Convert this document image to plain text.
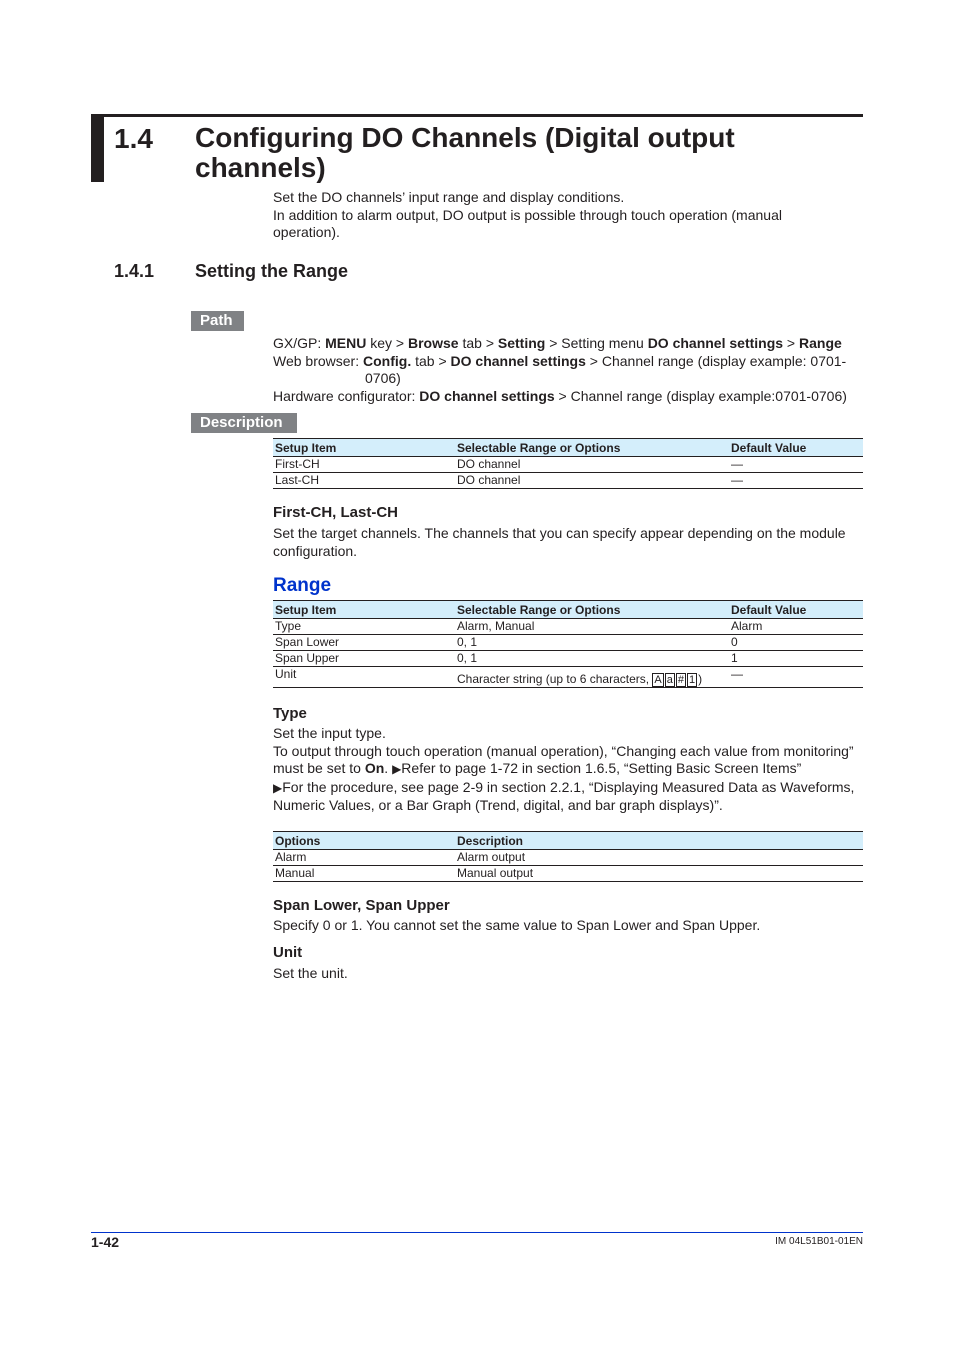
1.4 Configuring DO Channels (Digital output channels)
Set the DO channels’ input range and display conditions.
In addition to alarm output, DO output is possible through touch operation (manual operation).
1.4.1 Setting the Range
Path
GX/GP: MENU key > Browse tab > Setting > Setting menu DO channel settings > Range
Web browser: Config. tab > DO channel settings > Channel range (display example: 0701-0706)
Hardware configurator: DO channel settings > Channel range (display example:0701-0706)
Description
Setup Item	Selectable Range or Options	Default Value
First-CH	DO channel	—
Last-CH	DO channel	—
First-CH, Last-CH
Set the target channels. The channels that you can specify appear depending on the module configuration.
Range
Setup Item	Selectable Range or Options	Default Value
Type	Alarm, Manual	Alarm
Span Lower	0, 1	0
Span Upper	0, 1	1
Unit	Character string (up to 6 characters, A a # 1 )	—
Type
Set the input type.
To output through touch operation (manual operation), “Changing each value from monitoring” must be set to On. ▶Refer to page 1-72 in section 1.6.5, “Setting Basic Screen Items”
▶For the procedure, see page 2-9 in section 2.2.1, “Displaying Measured Data as Waveforms, Numeric Values, or a Bar Graph (Trend, digital, and bar graph displays)”.
Options	Description
Alarm	Alarm output
Manual	Manual output
Span Lower, Span Upper
Specify 0 or 1. You cannot set the same value to Span Lower and Span Upper.
Unit
Set the unit.
1-42	IM 04L51B01-01EN
